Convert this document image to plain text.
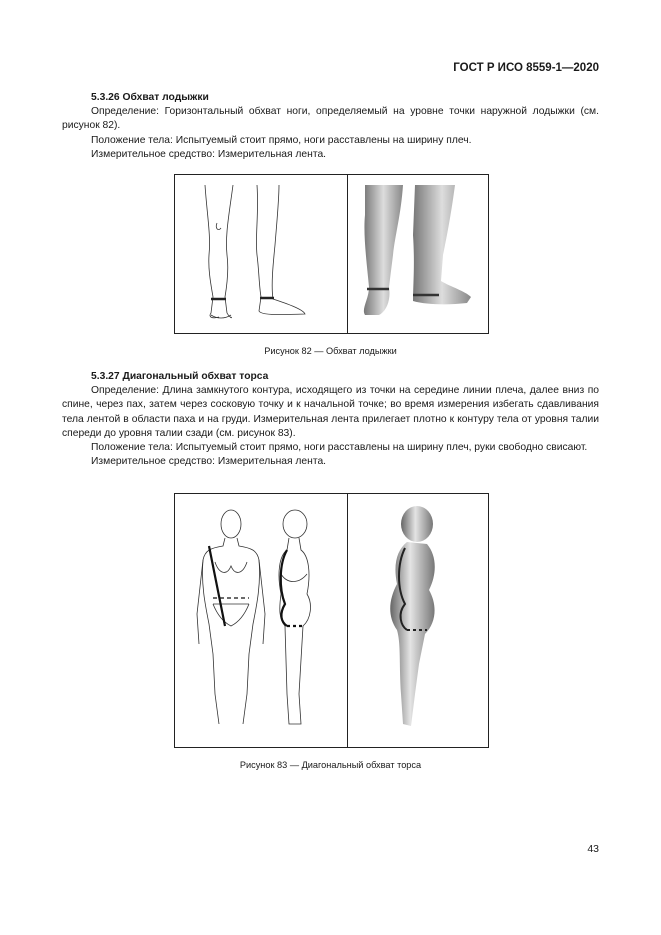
ГОСТ Р ИСО 8559-1—2020

5.3.26 Обхват лодыжки

Определение: Горизонтальный обхват ноги, определяемый на уровне точки наружной лодыжки (см. рисунок 82).

Положение тела: Испытуемый стоит прямо, ноги расставлены на ширину плеч.

Измерительное средство: Измерительная лента.

Рисунок 82 — Обхват лодыжки

5.3.27 Диагональный обхват торса

Определение: Длина замкнутого контура, исходящего из точки на середине линии плеча, далее вниз по спине, через пах, затем через сосковую точку и к начальной точке; во время измерения избегать сдавливания тела лентой в области паха и на груди. Измерительная лента прилегает плотно к контуру тела от уровня талии спереди до уровня талии сзади (см. рисунок 83).

Положение тела: Испытуемый стоит прямо, ноги расставлены на ширину плеч, руки свободно свисают.

Измерительное средство: Измерительная лента.

Рисунок 83 — Диагональный обхват торса
43
